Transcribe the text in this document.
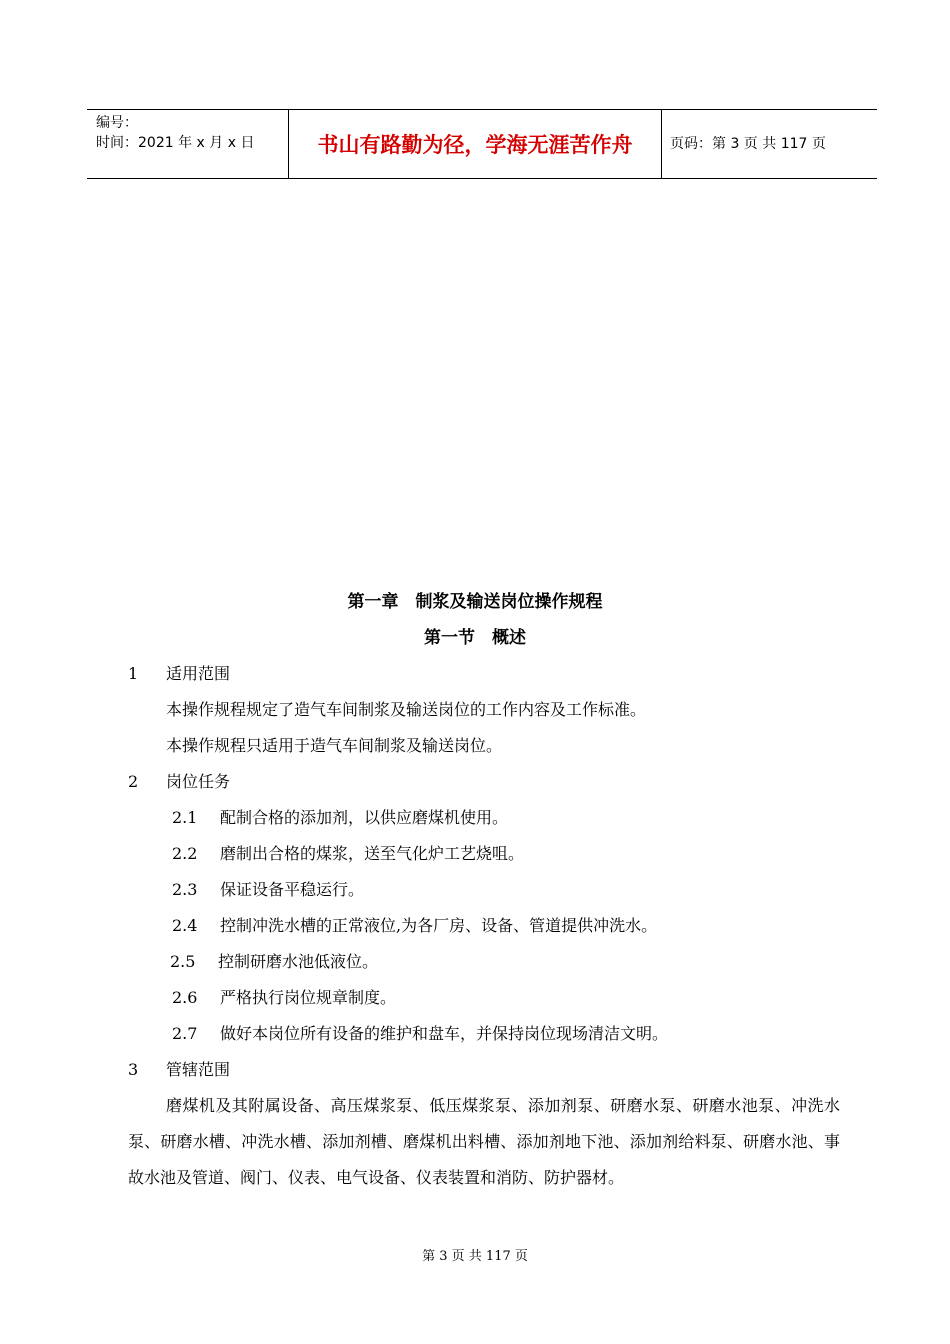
编号：
时间：2021 年 x 月 x 日	书山有路勤为径，学海无涯苦作舟	页码：第 3 页 共 117 页
第一章　制浆及输送岗位操作规程
第一节　概述
1 适用范围
本操作规程规定了造气车间制浆及输送岗位的工作内容及工作标准。
本操作规程只适用于造气车间制浆及输送岗位。
2 岗位任务
2.1 配制合格的添加剂，以供应磨煤机使用。
2.2 磨制出合格的煤浆，送至气化炉工艺烧咀。
2.3 保证设备平稳运行。
2.4 控制冲洗水槽的正常液位,为各厂房、设备、管道提供冲洗水。
2.5 控制研磨水池低液位。
2.6 严格执行岗位规章制度。
2.7 做好本岗位所有设备的维护和盘车，并保持岗位现场清洁文明。
3 管辖范围
磨煤机及其附属设备、高压煤浆泵、低压煤浆泵、添加剂泵、研磨水泵、研磨水池泵、冲洗水泵、研磨水槽、冲洗水槽、添加剂槽、磨煤机出料槽、添加剂地下池、添加剂给料泵、研磨水池、事故水池及管道、阀门、仪表、电气设备、仪表装置和消防、防护器材。
第 3 页 共 117 页
